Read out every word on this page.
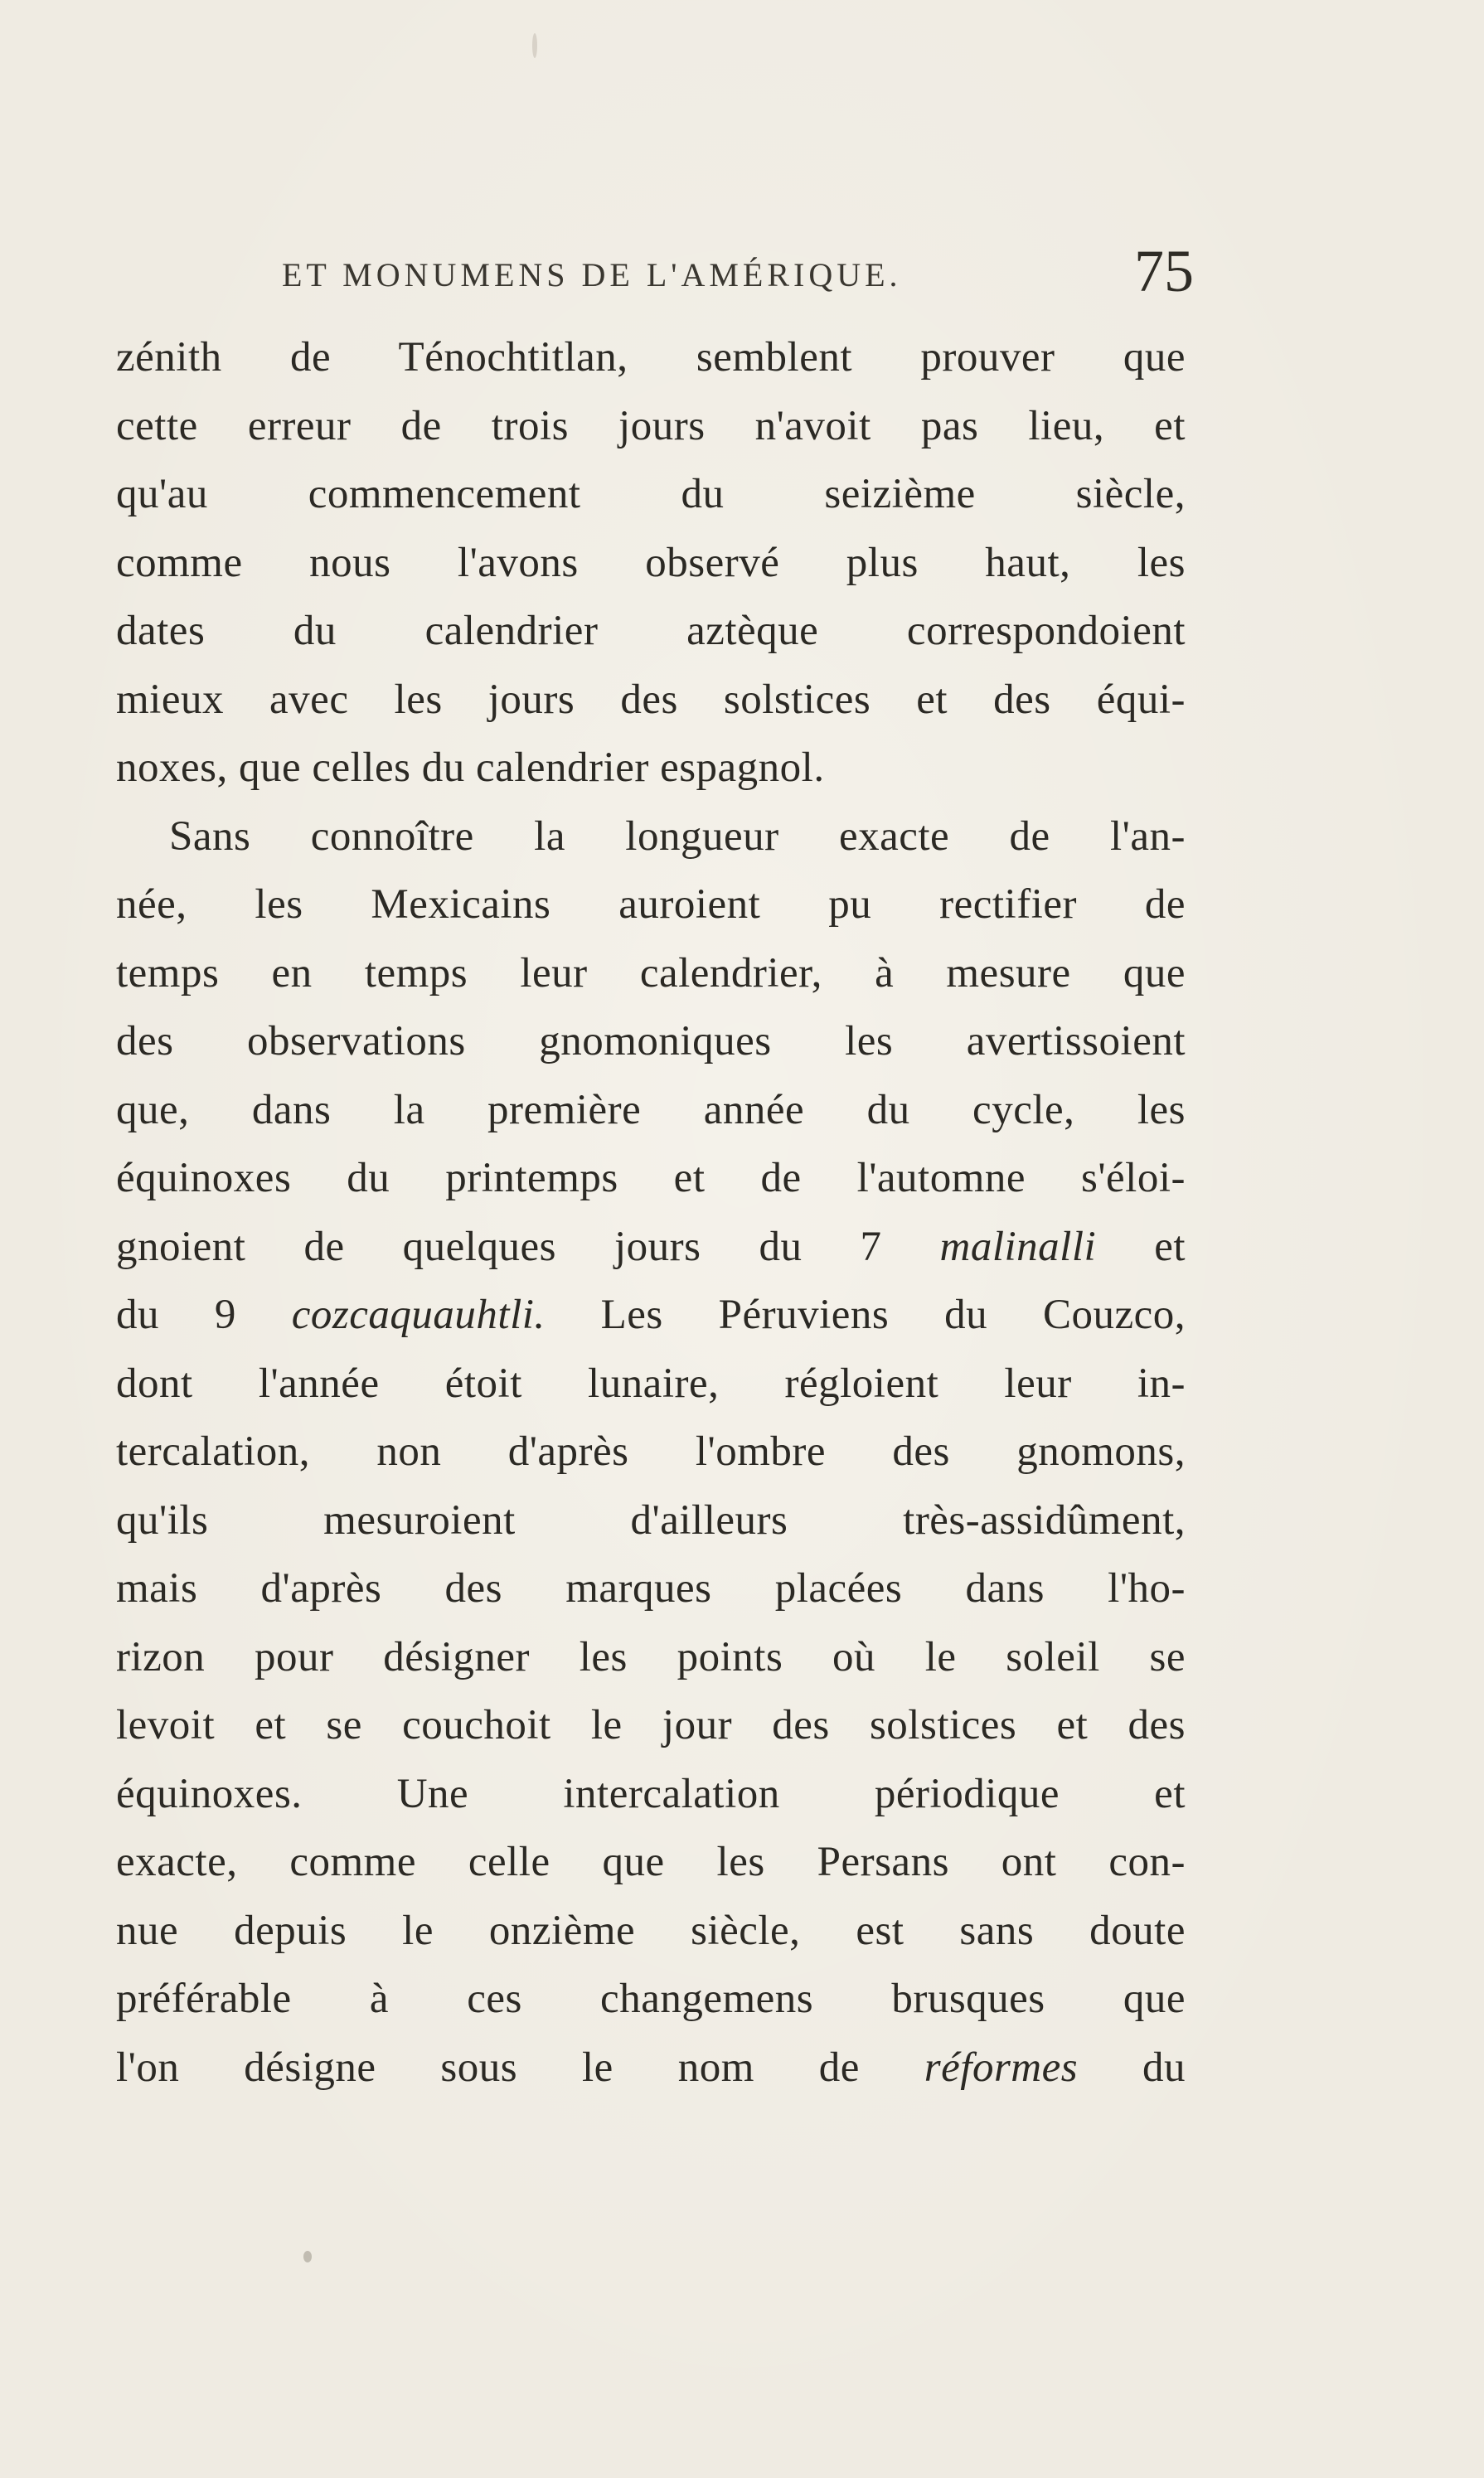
ET MONUMENS DE L'AMÉRIQUE.	75
zénith de Ténochtitlan, semblent prouver que
cette erreur de trois jours n'avoit pas lieu, et
qu'au commencement du seizième siècle,
comme nous l'avons observé plus haut, les
dates du calendrier aztèque correspondoient
mieux avec les jours des solstices et des équi-
noxes, que celles du calendrier espagnol.
Sans connoître la longueur exacte de l'an-
née, les Mexicains auroient pu rectifier de
temps en temps leur calendrier, à mesure que
des observations gnomoniques les avertissoient
que, dans la première année du cycle, les
équinoxes du printemps et de l'automne s'éloi-
gnoient de quelques jours du 7 malinalli et
du 9 cozcaquauhtli. Les Péruviens du Couzco,
dont l'année étoit lunaire, régloient leur in-
tercalation, non d'après l'ombre des gnomons,
qu'ils mesuroient d'ailleurs très-assidûment,
mais d'après des marques placées dans l'ho-
rizon pour désigner les points où le soleil se
levoit et se couchoit le jour des solstices et des
équinoxes. Une intercalation périodique et
exacte, comme celle que les Persans ont con-
nue depuis le onzième siècle, est sans doute
préférable à ces changemens brusques que
l'on désigne sous le nom de réformes du
